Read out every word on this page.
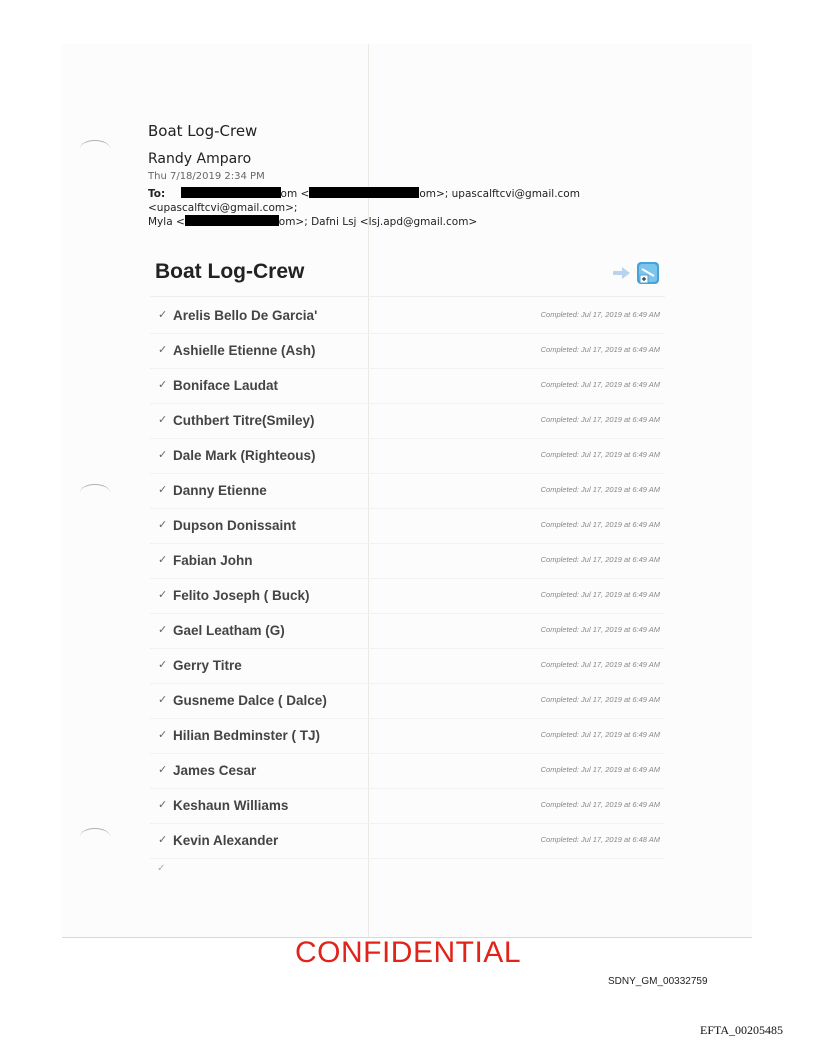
Boat Log-Crew
Randy Amparo
Thu 7/18/2019 2:34 PM
To:	om <	om>; upascalftcvi@gmail.com <upascalftcvi@gmail.com>;
Myla <	om>; Dafni Lsj <lsj.apd@gmail.com>
Boat Log-Crew
✓ Arelis Bello De Garcia'	Completed: Jul 17, 2019 at 6:49 AM
✓ Ashielle Etienne (Ash)	Completed: Jul 17, 2019 at 6:49 AM
✓ Boniface Laudat	Completed: Jul 17, 2019 at 6:49 AM
✓ Cuthbert Titre(Smiley)	Completed: Jul 17, 2019 at 6:49 AM
✓ Dale Mark (Righteous)	Completed: Jul 17, 2019 at 6:49 AM
✓ Danny Etienne	Completed: Jul 17, 2019 at 6:49 AM
✓ Dupson Donissaint	Completed: Jul 17, 2019 at 6:49 AM
✓ Fabian John	Completed: Jul 17, 2019 at 6:49 AM
✓ Felito Joseph ( Buck)	Completed: Jul 17, 2019 at 6:49 AM
✓ Gael Leatham (G)	Completed: Jul 17, 2019 at 6:49 AM
✓ Gerry Titre	Completed: Jul 17, 2019 at 6:49 AM
✓ Gusneme Dalce ( Dalce)	Completed: Jul 17, 2019 at 6:49 AM
✓ Hilian Bedminster ( TJ)	Completed: Jul 17, 2019 at 6:49 AM
✓ James Cesar	Completed: Jul 17, 2019 at 6:49 AM
✓ Keshaun Williams	Completed: Jul 17, 2019 at 6:49 AM
✓ Kevin Alexander	Completed: Jul 17, 2019 at 6:48 AM
✓
CONFIDENTIAL
SDNY_GM_00332759
EFTA_00205485
